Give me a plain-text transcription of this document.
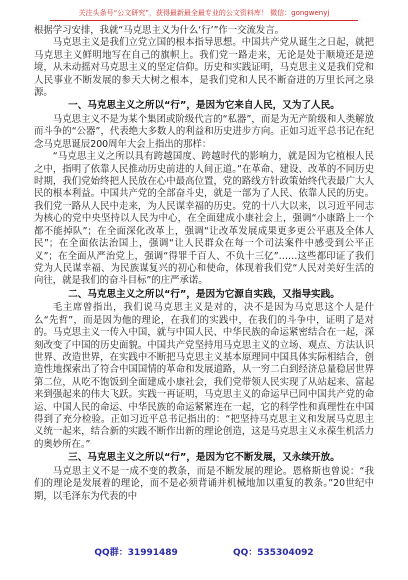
关注头条号“公文研究”，获得最新最全最专业的公文资料库！ 微信：gongwenyj

根据学习安排，我就“马克思主义为什么‘行’”作一交流发言。

马克思主义是我们立党立国的根本指导思想。中国共产党从诞生之日起，就把马克思主义鲜明地写在自己的旗帜上。我们党一路走来，无论是处于顺境还是逆境，从未动摇对马克思主义的坚定信仰。历史和实践证明，马克思主义是我们党和人民事业不断发展的参天大树之根本，是我们党和人民不断奋进的万里长河之泉源。

一、马克思主义之所以“行”，是因为它来自人民，又为了人民。

马克思主义不是为某个集团或阶级代言的“私器”，而是为无产阶级和人类解放而斗争的“公器”，代表绝大多数人的利益和历史进步方向。正如习近平总书记在纪念马克思诞辰200周年大会上指出的那样：

“马克思主义之所以具有跨越国度、跨越时代的影响力，就是因为它植根人民之中，指明了依靠人民推动历史前进的人间正道。”在革命、建设、改革的不同历史时期，我们党始终把人民放在心中最高位置，党的路线方针政策始终代表最广大人民的根本利益。中国共产党的全部奋斗史，就是一部为了人民、依靠人民的历史。我们党一路从人民中走来，为人民谋幸福的历史。党的十八大以来，以习近平同志为核心的党中央坚持以人民为中心，在全面建成小康社会上，强调“小康路上一个都不能掉队”；在全面深化改革上，强调“让改革发展成果更多更公平惠及全体人民”；在全面依法治国上，强调“让人民群众在每一个司法案件中感受到公平正义”；在全面从严治党上，强调“得罪千百人、不负十三亿”……这些都印证了我们党为人民谋幸福、为民族谋复兴的初心和使命，体现着我们党“人民对美好生活的向往，就是我们的奋斗目标”的庄严承诺。

二、马克思主义之所以“行”，是因为它源自实践，又指导实践。

毛主席曾指出，我们说马克思主义是对的，决不是因为马克思这个人是什么“先哲”，而是因为他的理论，在我们的实践中，在我们的斗争中，证明了是对的。马克思主义一传入中国，就与中国人民、中华民族的命运紧密结合在一起，深刻改变了中国的历史面貌。中国共产党坚持用马克思主义的立场、观点、方法认识世界、改造世界，在实践中不断把马克思主义基本原理同中国具体实际相结合，创造性地探索出了符合中国国情的革命和发展道路，从一穷二白到经济总量稳居世界第二位，从吃不饱饭到全面建成小康社会，我们党带领人民实现了从站起来、富起来到强起来的伟大飞跃。实践一再证明，马克思主义的命运早已同中国共产党的命运、中国人民的命运、中华民族的命运紧紧连在一起，它的科学性和真理性在中国得到了充分检验。正如习近平总书记指出的：“把坚持马克思主义和发展马克思主义统一起来，结合新的实践不断作出新的理论创造，这是马克思主义永葆生机活力的奥妙所在。”

三、马克思主义之所以“行”，是因为它不断发展，又永续开放。

马克思主义不是一成不变的教条，而是不断发展的理论。恩格斯也曾说：“我们的理论是发展着的理论，而不是必须背诵并机械地加以重复的教条。”20世纪中期，以毛泽东为代表的中

QQ群：31991489	QQ：535304092
